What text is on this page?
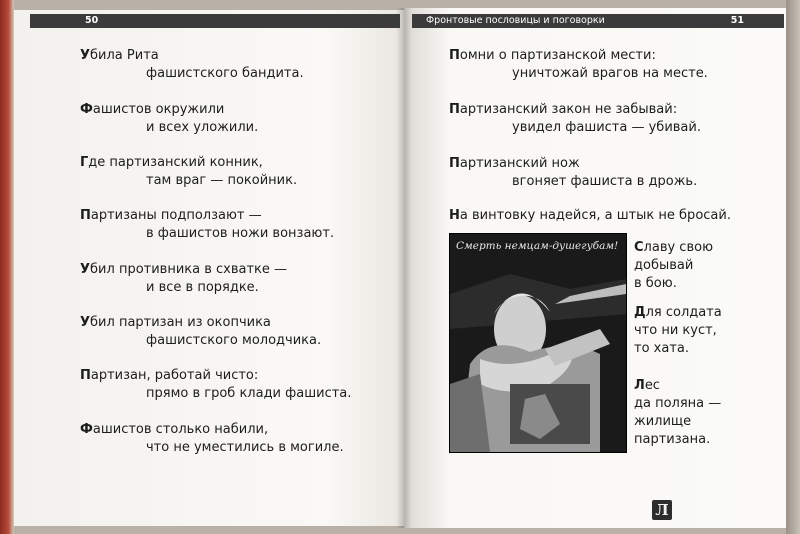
50	Фронтовые пословицы и поговорки	51
Убила Рита
фашистского бандита.
Фашистов окружили
и всех уложили.
Где партизанский конник,
там враг — покойник.
Партизаны подползают —
в фашистов ножи вонзают.
Убил противника в схватке —
и все в порядке.
Убил партизан из окопчика
фашистского молодчика.
Партизан, работай чисто:
прямо в гроб клади фашиста.
Фашистов столько набили,
что не уместились в могиле.
Помни о партизанской мести:
уничтожай врагов на месте.
Партизанский закон не забывай:
увидел фашиста — убивай.
Партизанский нож
вгоняет фашиста в дрожь.
На винтовку надейся, а штык не бросай.
Славу свою
добывай
в бою.
Для солдата
что ни куст,
то хата.
Лес
да поляна —
жилище
партизана.
Смерть немцам-душегубам!
Л
